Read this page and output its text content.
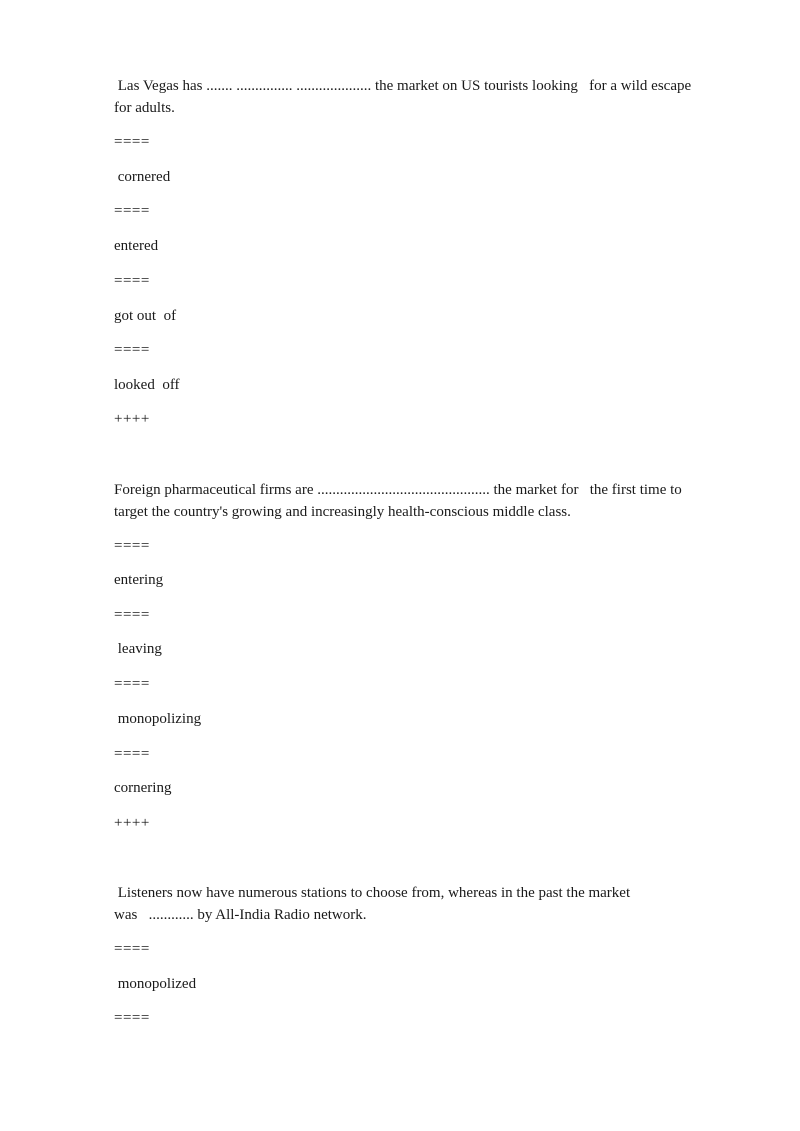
Las Vegas has ....... ............... .................... the market on US tourists looking   for a wild escape
for adults.
====
cornered
====
entered
====
got out  of
====
looked  off
++++
Foreign pharmaceutical firms are .............................................. the market for   the first time to
target the country's growing and increasingly health-conscious middle class.
====
entering
====
leaving
====
monopolizing
====
cornering
++++
Listeners now have numerous stations to choose from, whereas in the past the market
was   ............ by All-India Radio network.
====
monopolized
====
